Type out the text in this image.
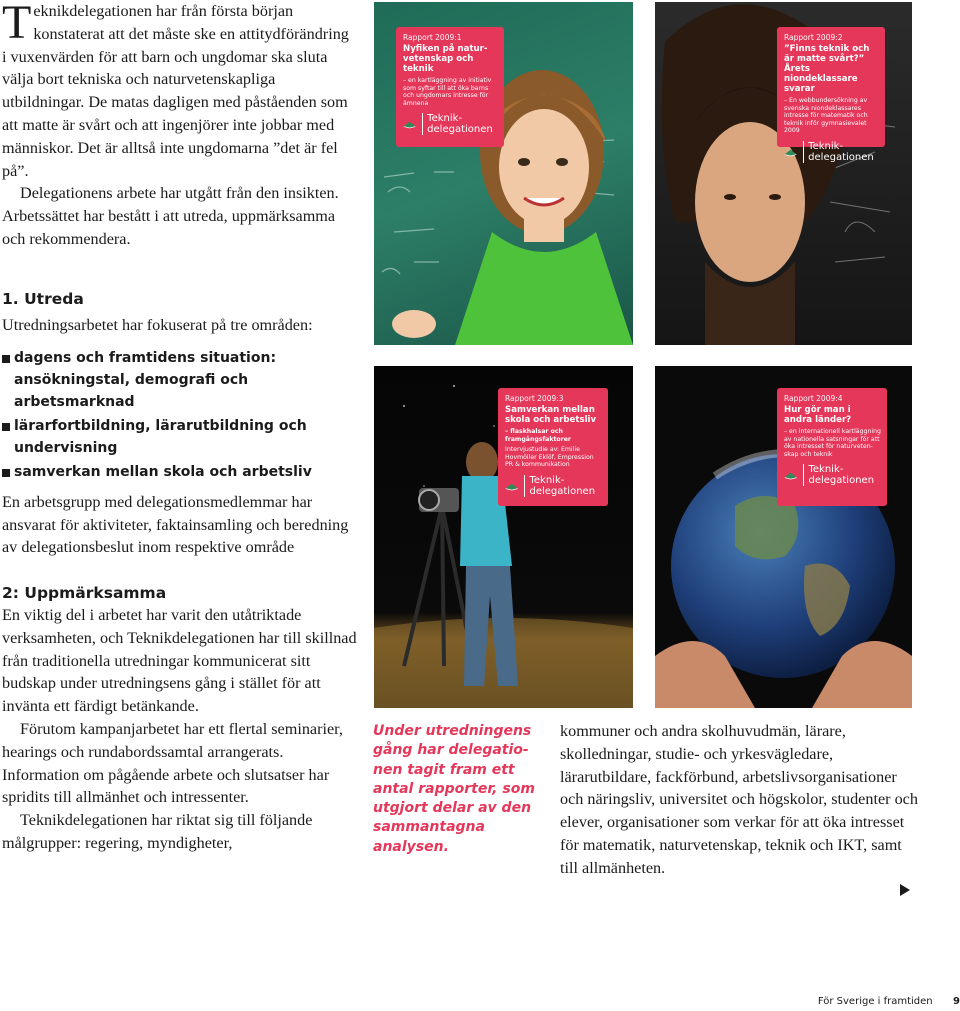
Teknikdelegationen har från första början konstaterat att det måste ske en attitydförändring i vuxenvärden för att barn och ungdomar ska sluta välja bort tekniska och naturvetenskapliga utbildningar. De matas dagligen med påståenden som att matte är svårt och att ingenjörer inte jobbar med människor. Det är alltså inte ungdomarna ”det är fel på”.

Delegationens arbete har utgått från den insikten. Arbetssättet har bestått i att utreda, uppmärksamma och rekommendera.

1. Utreda

Utredningsarbetet har fokuserat på tre områden:

dagens och framtidens situation: ansökningstal, demografi och arbetsmarknad
lärarfortbildning, lärarutbildning och undervisning
samverkan mellan skola och arbetsliv

En arbetsgrupp med delegationsmedlemmar har ansvarat för aktiviteter, faktainsamling och beredning av delegationsbeslut inom respektive område

2: Uppmärksamma

En viktig del i arbetet har varit den utåtriktade verksamheten, och Teknikdelegationen har till skillnad från traditionella utredningar kommunicerat sitt budskap under utredningsens gång i stället för att invänta ett färdigt betänkande.

Förutom kampanjarbetet har ett flertal seminarier, hearings och rundabordssamtal arrangerats. Information om pågående arbete och slutsatser har spridits till allmänhet och intressenter.

Teknikdelegationen har riktat sig till följande målgrupper: regering, myndigheter,

Rapport 2009:1
Nyfiken på naturvetenskap och teknik
– en kartläggning av initiativ som syftar till att öka barns och ungdomars intresse för ämnena
Teknikdelegationen
Rapport 2009:2
”Finns teknik och är matte svårt?” Årets niondeklassare svarar
– En webbundersökning av svenska niondeklassares intresse för matematik och teknik inför gymnasievalet 2009
Teknikdelegationen
Rapport 2009:3
Samverkan mellan skola och arbetsliv
– flaskhalsar och framgångsfaktorer
Intervjustudie av: Emilie Hovmöller Eklöf, Empression PR & kommunikation
Teknikdelegationen
Rapport 2009:4
Hur gör man i andra länder?
– en internationell kartläggning av nationella satsningar för att öka intresset för naturvetenskap och teknik
Teknikdelegationen
Under utredningens gång har delegationen tagit fram ett antal rapporter, som utgjort delar av den sammantagna analysen.

kommuner och andra skolhuvudmän, lärare, skolledningar, studie- och yrkesvägledare, lärarutbildare, fackförbund, arbetslivsorganisationer och näringsliv, universitet och högskolor, studenter och elever, organisationer som verkar för att öka intresset för matematik, naturvetenskap, teknik och IKT, samt till allmänheten.

För Sverige i framtiden 9
